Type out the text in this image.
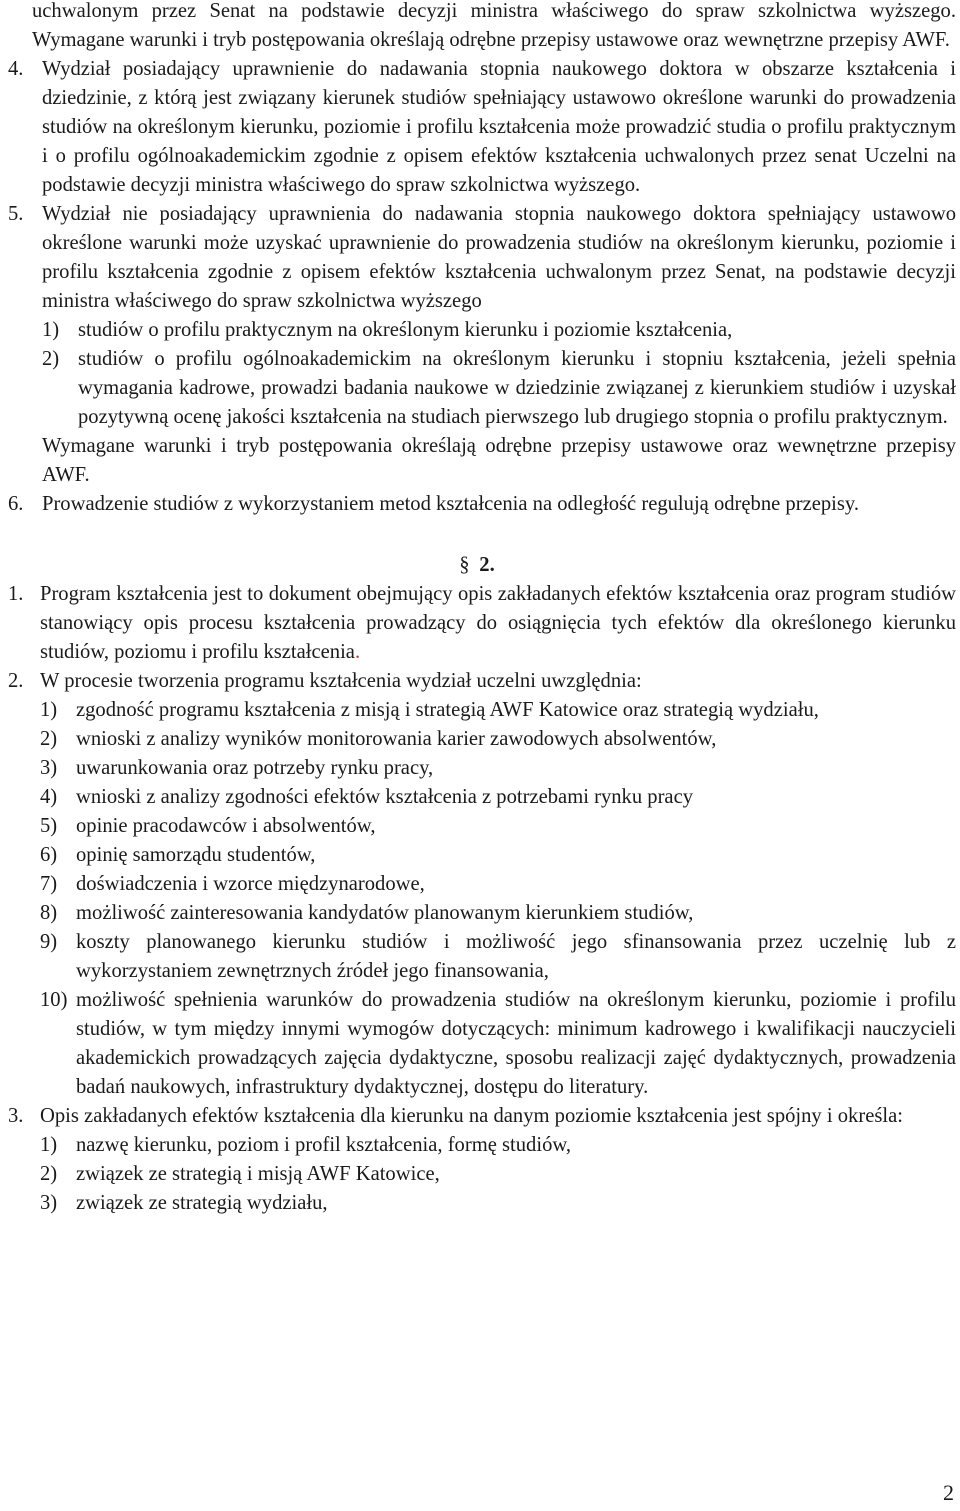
uchwalonym przez Senat na podstawie decyzji ministra właściwego do spraw szkolnictwa wyższego. Wymagane warunki i tryb postępowania określają odrębne przepisy ustawowe oraz wewnętrzne przepisy AWF.

4. Wydział posiadający uprawnienie do nadawania stopnia naukowego doktora w obszarze kształcenia i dziedzinie, z którą jest związany kierunek studiów spełniający ustawowo określone warunki do prowadzenia studiów na określonym kierunku, poziomie i profilu kształcenia może prowadzić studia o profilu praktycznym i o profilu ogólnoakademickim zgodnie z opisem efektów kształcenia uchwalonych przez senat Uczelni na podstawie decyzji ministra właściwego do spraw szkolnictwa wyższego.
5. Wydział nie posiadający uprawnienia do nadawania stopnia naukowego doktora spełniający ustawowo określone warunki może uzyskać uprawnienie do prowadzenia studiów na określonym kierunku, poziomie i profilu kształcenia zgodnie z opisem efektów kształcenia uchwalonym przez Senat, na podstawie decyzji ministra właściwego do spraw szkolnictwa wyższego
1) studiów o profilu praktycznym na określonym kierunku i poziomie kształcenia,
2) studiów o profilu ogólnoakademickim na określonym kierunku i stopniu kształcenia, jeżeli spełnia wymagania kadrowe, prowadzi badania naukowe w dziedzinie związanej z kierunkiem studiów i uzyskał pozytywną ocenę jakości kształcenia na studiach pierwszego lub drugiego stopnia o profilu praktycznym.

Wymagane warunki i tryb postępowania określają odrębne przepisy ustawowe oraz wewnętrzne przepisy AWF.

6. Prowadzenie studiów z wykorzystaniem metod kształcenia na odległość regulują odrębne przepisy.
§ 2.
1. Program kształcenia jest to dokument obejmujący opis zakładanych efektów kształcenia oraz program studiów stanowiący opis procesu kształcenia prowadzący do osiągnięcia tych efektów dla określonego kierunku studiów, poziomu i profilu kształcenia.
2. W procesie tworzenia programu kształcenia wydział uczelni uwzględnia:
1) zgodność programu kształcenia z misją i strategią AWF Katowice oraz strategią wydziału,
2) wnioski z analizy wyników monitorowania karier zawodowych absolwentów,
3) uwarunkowania oraz potrzeby rynku pracy,
4) wnioski z analizy zgodności efektów kształcenia z potrzebami rynku pracy
5) opinie pracodawców i absolwentów,
6) opinię samorządu studentów,
7) doświadczenia i wzorce międzynarodowe,
8) możliwość zainteresowania kandydatów planowanym kierunkiem studiów,
9) koszty planowanego kierunku studiów i możliwość jego sfinansowania przez uczelnię lub z wykorzystaniem zewnętrznych źródeł jego finansowania,
10) możliwość spełnienia warunków do prowadzenia studiów na określonym kierunku, poziomie i profilu studiów, w tym między innymi wymogów dotyczących: minimum kadrowego i kwalifikacji nauczycieli akademickich prowadzących zajęcia dydaktyczne, sposobu realizacji zajęć dydaktycznych, prowadzenia badań naukowych, infrastruktury dydaktycznej, dostępu do literatury.
3. Opis zakładanych efektów kształcenia dla kierunku na danym poziomie kształcenia jest spójny i określa:
1) nazwę kierunku, poziom i profil kształcenia, formę studiów,
2) związek ze strategią i misją AWF Katowice,
3) związek ze strategią wydziału,
2
